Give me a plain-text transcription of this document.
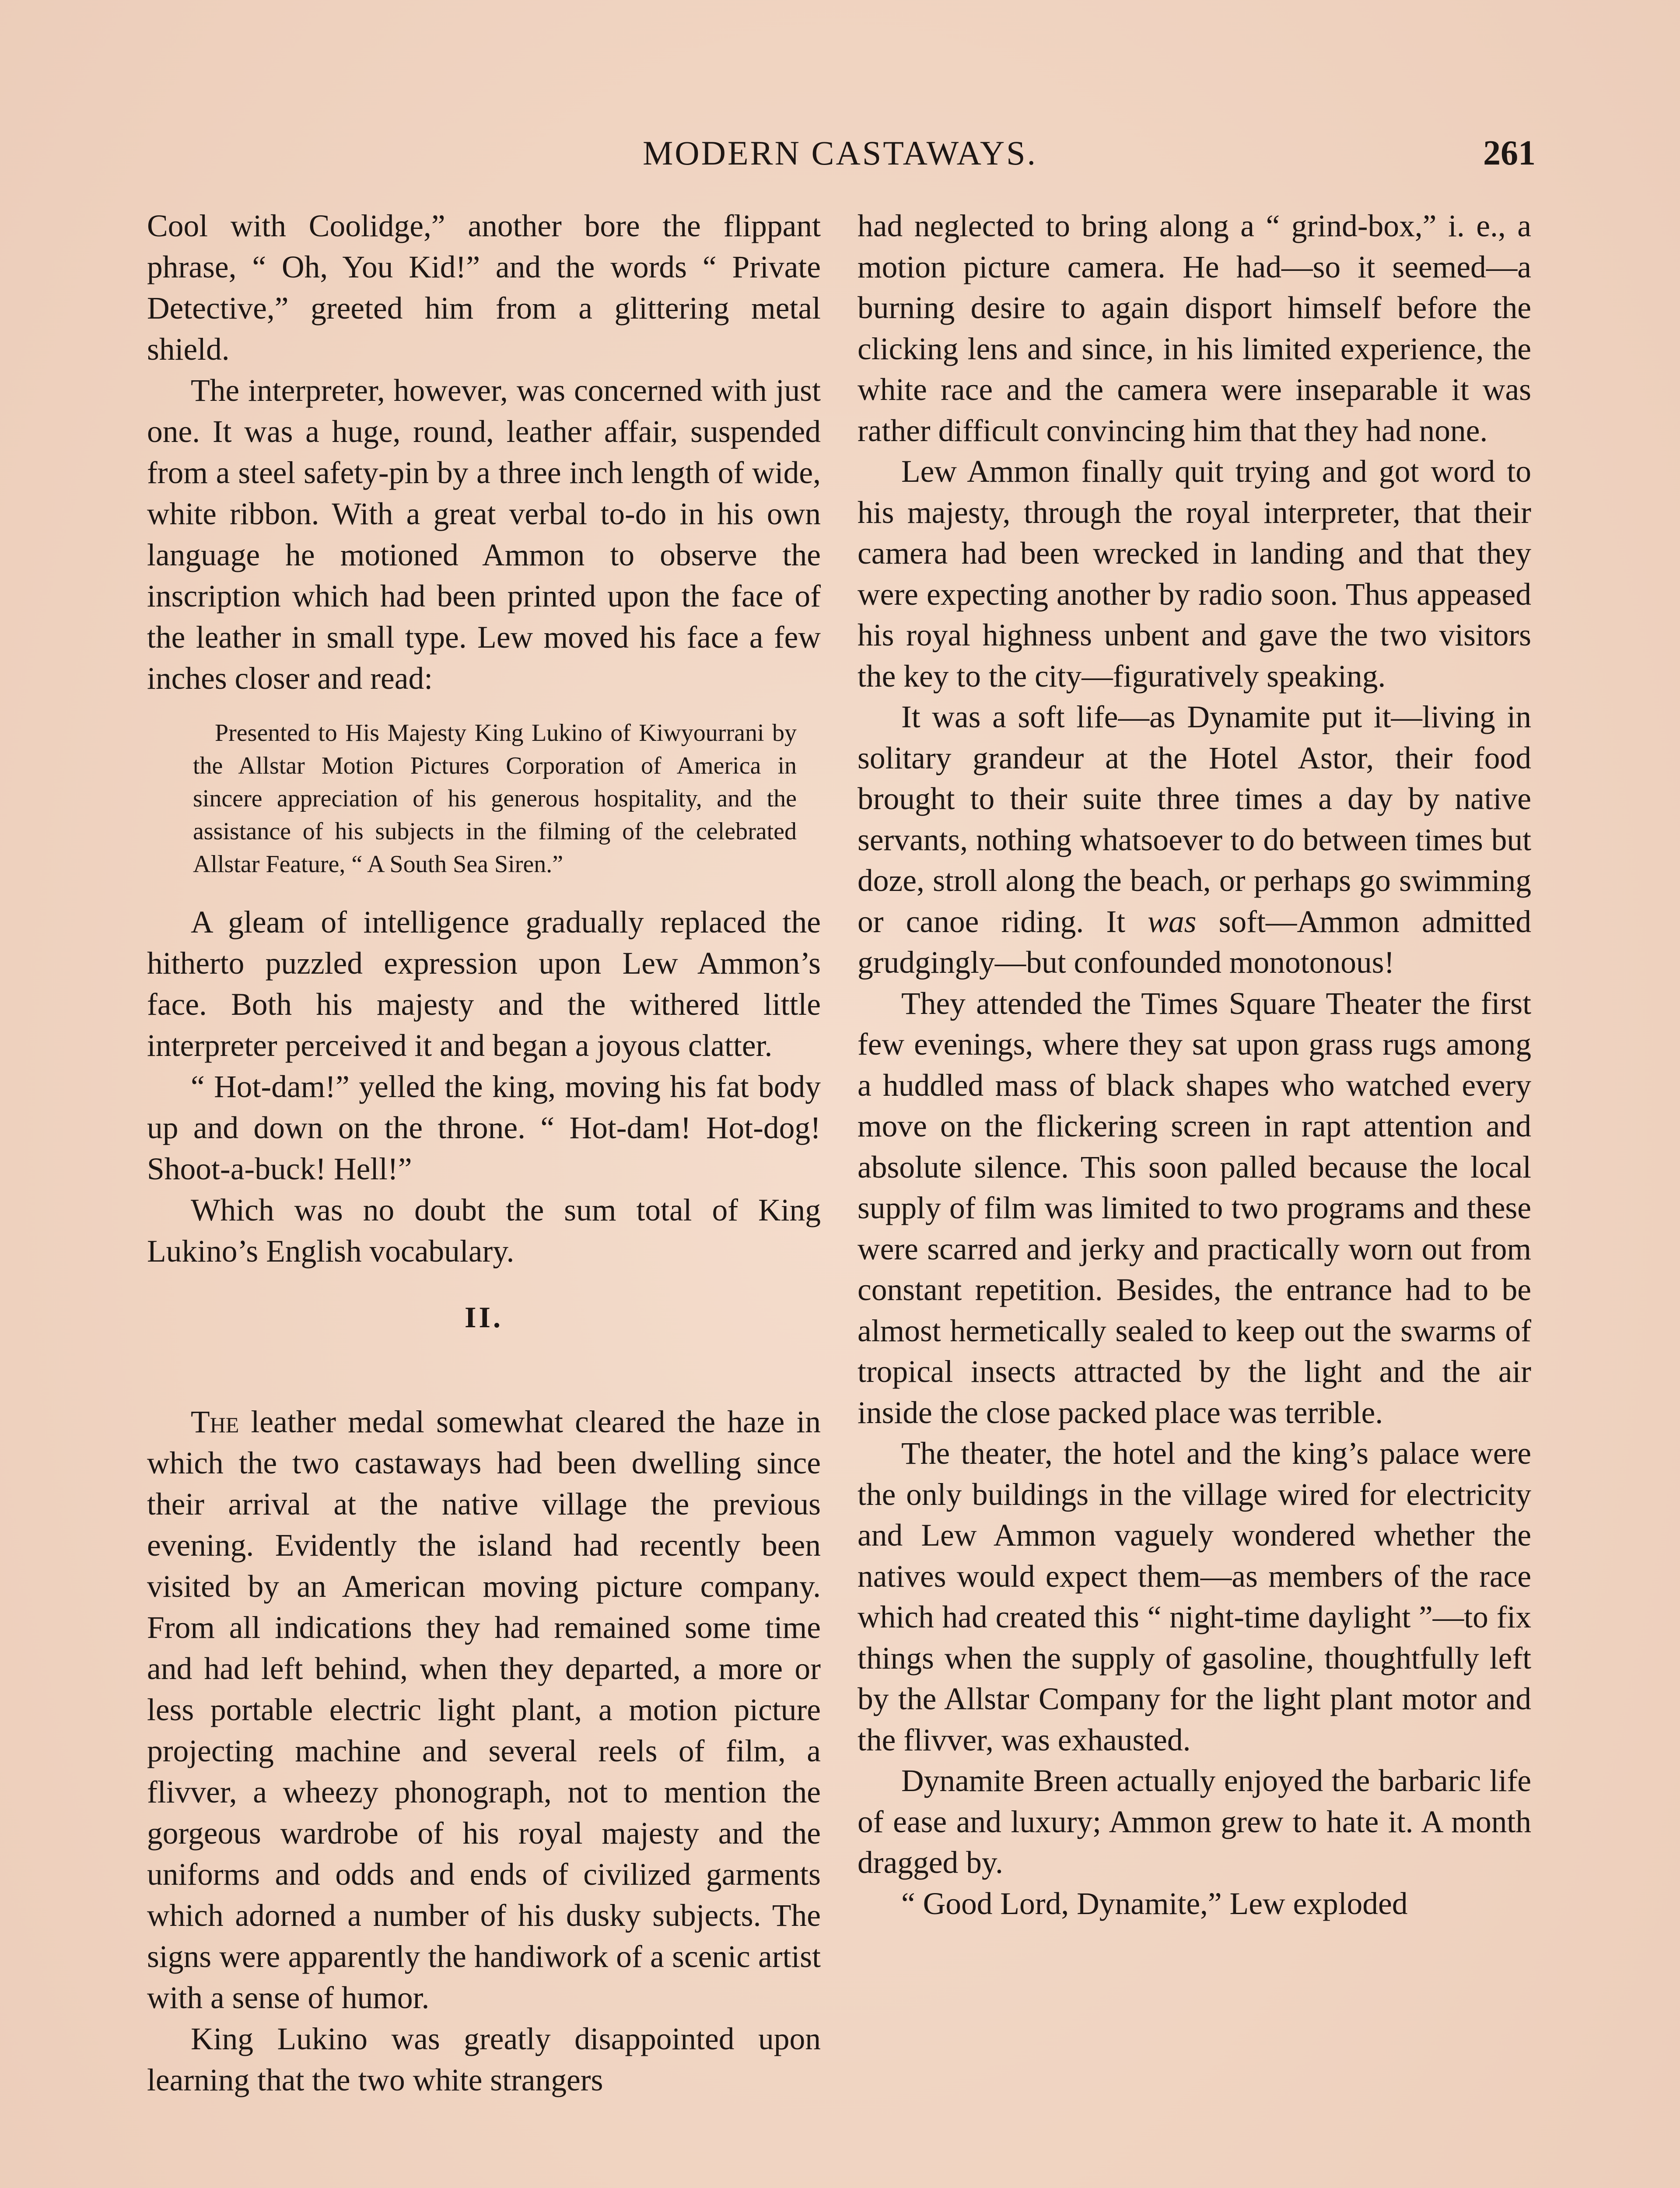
MODERN CASTAWAYS.	261

Cool with Coolidge,” another bore the flippant phrase, “ Oh, You Kid!” and the words “ Private Detective,” greeted him from a glittering metal shield.

The interpreter, however, was concerned with just one. It was a huge, round, leather affair, suspended from a steel safety-pin by a three inch length of wide, white ribbon. With a great verbal to-do in his own language he motioned Ammon to observe the inscription which had been printed upon the face of the leather in small type. Lew moved his face a few inches closer and read:

Presented to His Majesty King Lukino of Kiwyourrani by the Allstar Motion Pictures Corporation of America in sincere appreciation of his generous hospitality, and the assistance of his subjects in the filming of the celebrated Allstar Feature, “ A South Sea Siren.”

A gleam of intelligence gradually replaced the hitherto puzzled expression upon Lew Ammon’s face. Both his majesty and the withered little interpreter perceived it and began a joyous clatter.

“ Hot-dam!” yelled the king, moving his fat body up and down on the throne. “ Hot-dam! Hot-dog! Shoot-a-buck! Hell!”

Which was no doubt the sum total of King Lukino’s English vocabulary.

II.

The leather medal somewhat cleared the haze in which the two castaways had been dwelling since their arrival at the native village the previous evening. Evidently the island had recently been visited by an American moving picture company. From all indications they had remained some time and had left behind, when they departed, a more or less portable electric light plant, a motion picture projecting machine and several reels of film, a flivver, a wheezy phonograph, not to mention the gorgeous wardrobe of his royal majesty and the uniforms and odds and ends of civilized garments which adorned a number of his dusky subjects. The signs were apparently the handiwork of a scenic artist with a sense of humor.

King Lukino was greatly disappointed upon learning that the two white strangers

had neglected to bring along a “ grind-box,” i. e., a motion picture camera. He had—so it seemed—a burning desire to again disport himself before the clicking lens and since, in his limited experience, the white race and the camera were inseparable it was rather difficult convincing him that they had none.

Lew Ammon finally quit trying and got word to his majesty, through the royal interpreter, that their camera had been wrecked in landing and that they were expecting another by radio soon. Thus appeased his royal highness unbent and gave the two visitors the key to the city—figuratively speaking.

It was a soft life—as Dynamite put it—living in solitary grandeur at the Hotel Astor, their food brought to their suite three times a day by native servants, nothing whatsoever to do between times but doze, stroll along the beach, or perhaps go swimming or canoe riding. It was soft—Ammon admitted grudgingly—but confounded monotonous!

They attended the Times Square Theater the first few evenings, where they sat upon grass rugs among a huddled mass of black shapes who watched every move on the flickering screen in rapt attention and absolute silence. This soon palled because the local supply of film was limited to two programs and these were scarred and jerky and practically worn out from constant repetition. Besides, the entrance had to be almost hermetically sealed to keep out the swarms of tropical insects attracted by the light and the air inside the close packed place was terrible.

The theater, the hotel and the king’s palace were the only buildings in the village wired for electricity and Lew Ammon vaguely wondered whether the natives would expect them—as members of the race which had created this “ night-time daylight ”—to fix things when the supply of gasoline, thoughtfully left by the Allstar Company for the light plant motor and the flivver, was exhausted.

Dynamite Breen actually enjoyed the barbaric life of ease and luxury; Ammon grew to hate it. A month dragged by.

“ Good Lord, Dynamite,” Lew exploded
